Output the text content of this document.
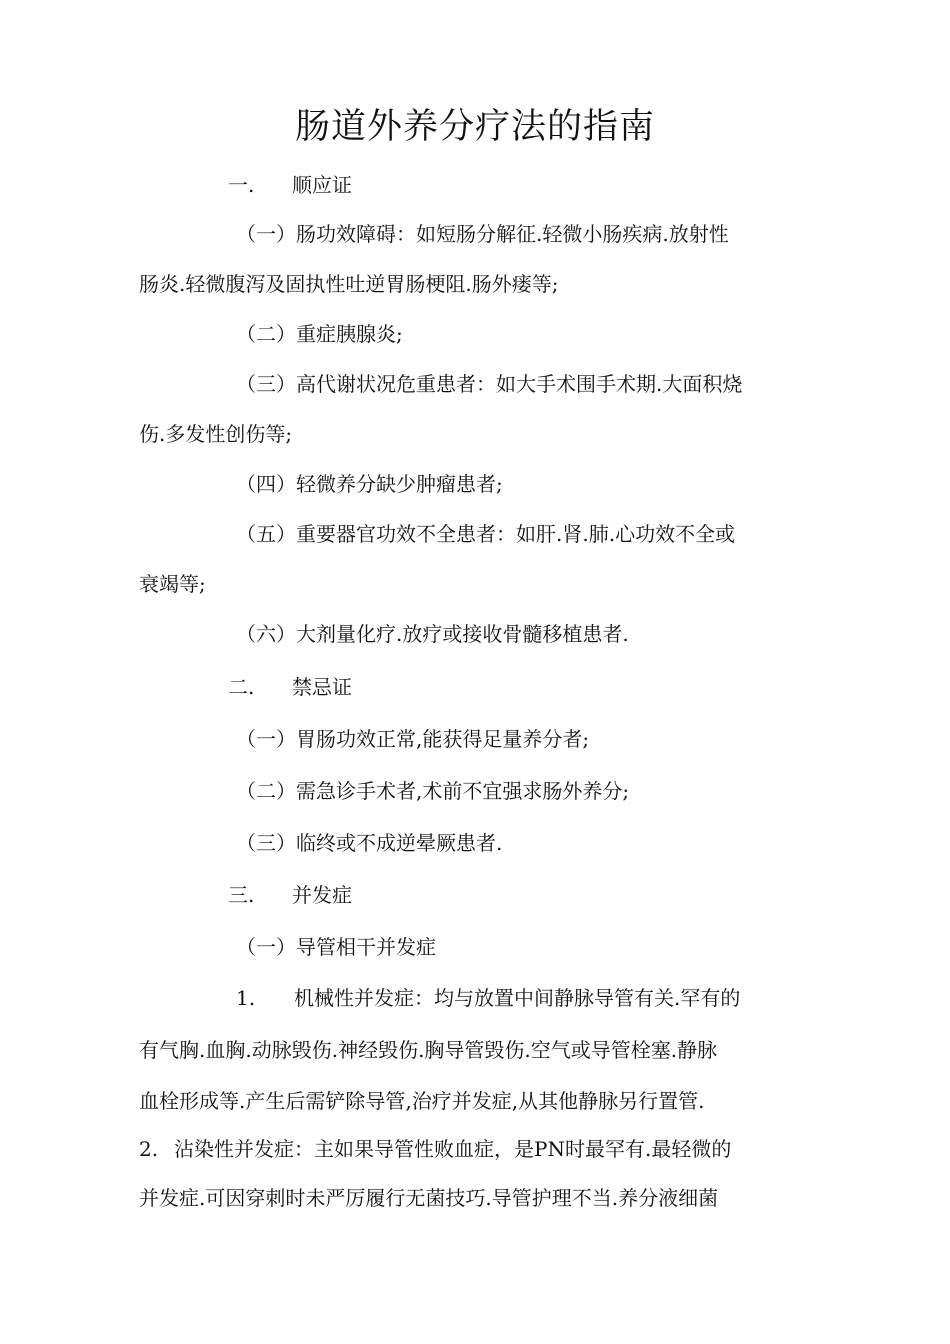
肠道外养分疗法的指南
一. 顺应证
（一）肠功效障碍：如短肠分解征.轻微小肠疾病.放射性
肠炎.轻微腹泻及固执性吐逆胃肠梗阻.肠外瘘等;
（二）重症胰腺炎;
（三）高代谢状况危重患者：如大手术围手术期.大面积烧
伤.多发性创伤等;
（四）轻微养分缺少肿瘤患者;
（五）重要器官功效不全患者：如肝.肾.肺.心功效不全或
衰竭等;
（六）大剂量化疗.放疗或接收骨髓移植患者.
二. 禁忌证
（一）胃肠功效正常,能获得足量养分者;
（二）需急诊手术者,术前不宜强求肠外养分;
（三）临终或不成逆晕厥患者.
三. 并发症
（一）导管相干并发症
1. 机械性并发症：均与放置中间静脉导管有关.罕有的
有气胸.血胸.动脉毁伤.神经毁伤.胸导管毁伤.空气或导管栓塞.静脉
血栓形成等.产生后需铲除导管,治疗并发症,从其他静脉另行置管.
2. 沾染性并发症：主如果导管性败血症，是PN时最罕有.最轻微的
并发症.可因穿刺时未严厉履行无菌技巧.导管护理不当.养分液细菌
